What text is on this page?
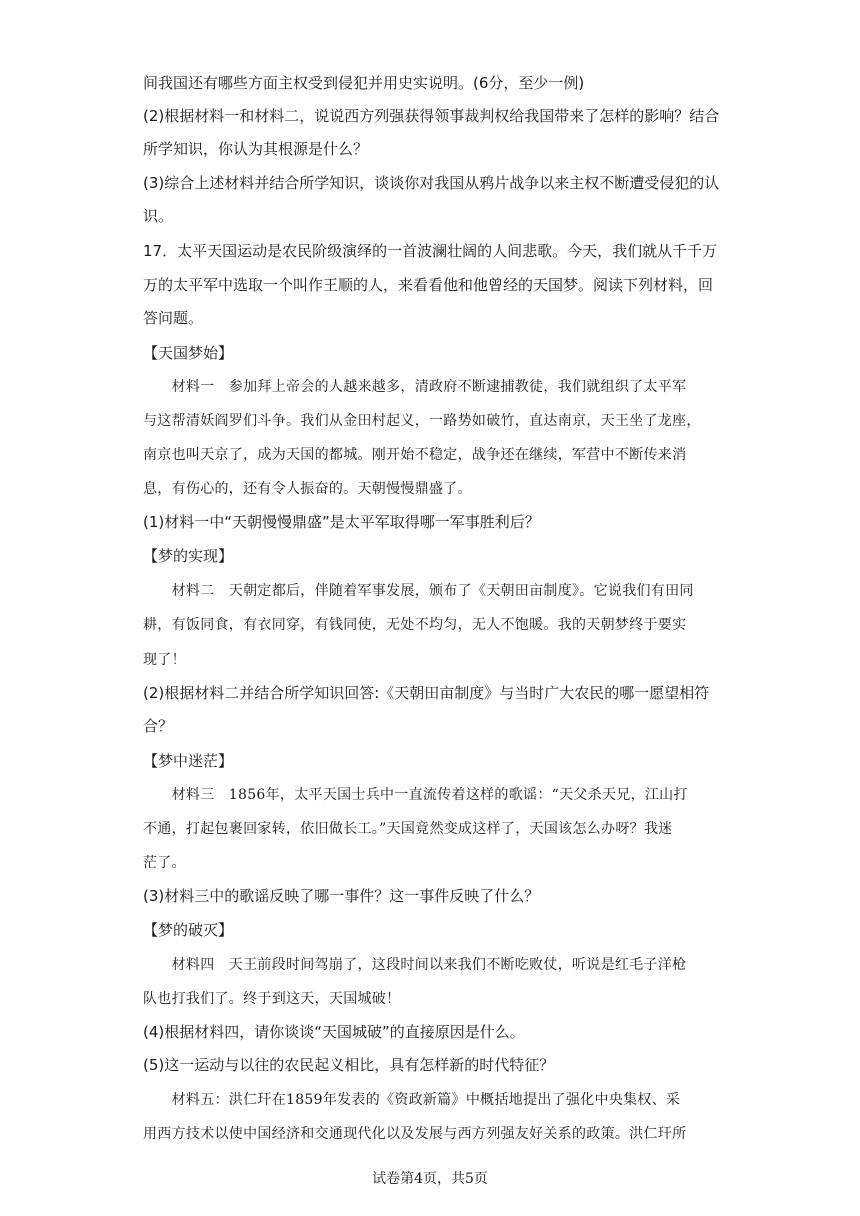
间我国还有哪些方面主权受到侵犯并用史实说明。(6分，至少一例)
(2)根据材料一和材料二，说说西方列强获得领事裁判权给我国带来了怎样的影响？结合
所学知识，你认为其根源是什么？
(3)综合上述材料并结合所学知识，谈谈你对我国从鸦片战争以来主权不断遭受侵犯的认
识。
17．太平天国运动是农民阶级演绎的一首波澜壮阔的人间悲歌。今天，我们就从千千万
万的太平军中选取一个叫作王顺的人，来看看他和他曾经的天国梦。阅读下列材料，回
答问题。
【天国梦始】
　　材料一　参加拜上帝会的人越来越多，清政府不断逮捕教徒，我们就组织了太平军
与这帮清妖阎罗们斗争。我们从金田村起义，一路势如破竹，直达南京，天王坐了龙座，
南京也叫天京了，成为天国的都城。刚开始不稳定，战争还在继续，军营中不断传来消
息，有伤心的，还有令人振奋的。天朝慢慢鼎盛了。
(1)材料一中“天朝慢慢鼎盛”是太平军取得哪一军事胜利后？
【梦的实现】
　　材料二　天朝定都后，伴随着军事发展，颁布了《天朝田亩制度》。它说我们有田同
耕，有饭同食，有衣同穿，有钱同使，无处不均匀，无人不饱暖。我的天朝梦终于要实
现了！
(2)根据材料二并结合所学知识回答:《天朝田亩制度》与当时广大农民的哪一愿望相符
合？
【梦中迷茫】
　　材料三　1856年，太平天国士兵中一直流传着这样的歌谣：“天父杀天兄，江山打
不通，打起包裹回家转，依旧做长工。”天国竟然变成这样了，天国该怎么办呀？我迷
茫了。
(3)材料三中的歌谣反映了哪一事件？这一事件反映了什么？
【梦的破灭】
　　材料四　天王前段时间驾崩了，这段时间以来我们不断吃败仗，听说是红毛子洋枪
队也打我们了。终于到这天，天国城破！
(4)根据材料四，请你谈谈“天国城破”的直接原因是什么。
(5)这一运动与以往的农民起义相比，具有怎样新的时代特征？
　　材料五：洪仁玕在1859年发表的《资政新篇》中概括地提出了强化中央集权、采
用西方技术以使中国经济和交通现代化以及发展与西方列强友好关系的政策。洪仁玕所
试卷第4页，共5页
